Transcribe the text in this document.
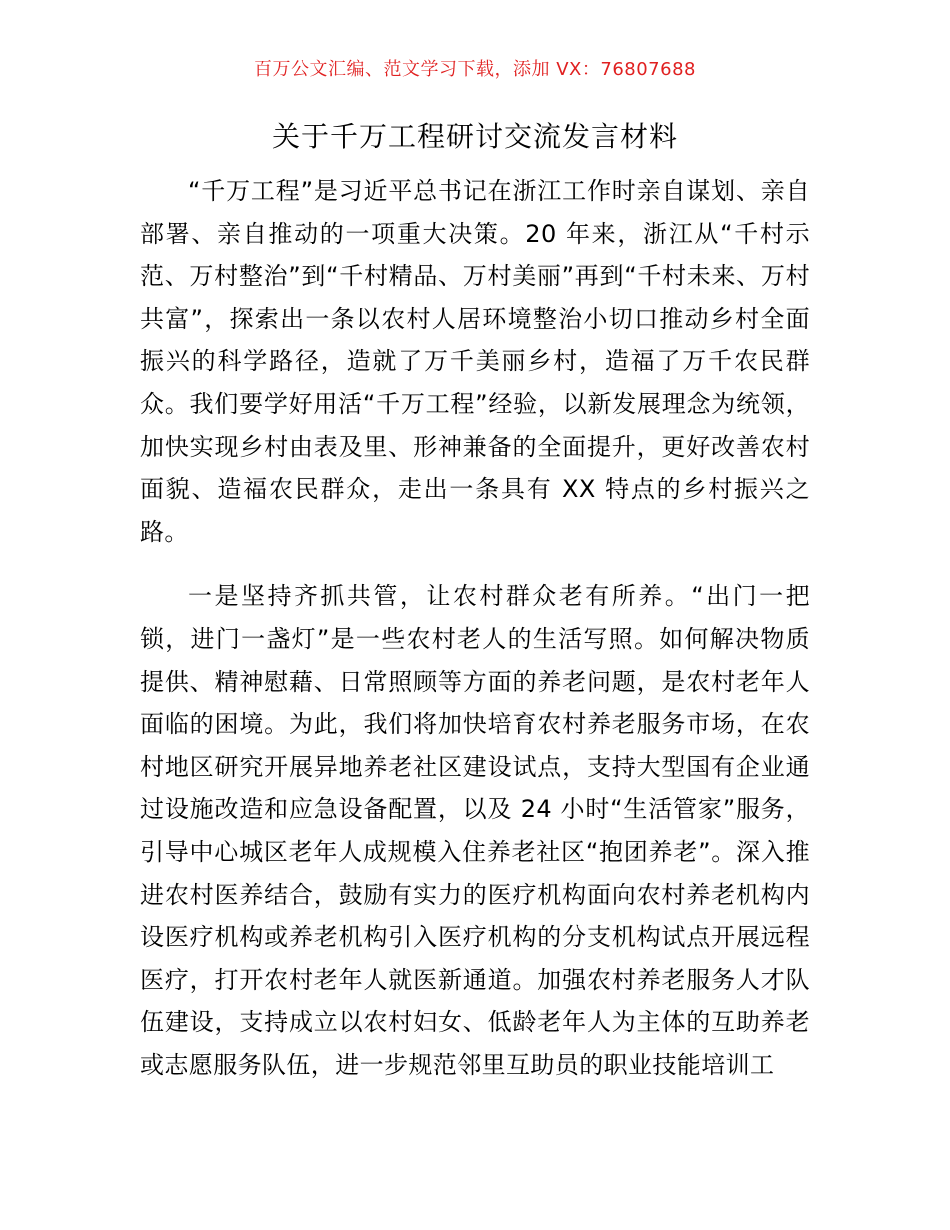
百万公文汇编、范文学习下载，添加 VX：76807688
关于千万工程研讨交流发言材料

“千万工程”是习近平总书记在浙江工作时亲自谋划、亲自部署、亲自推动的一项重大决策。20 年来，浙江从“千村示范、万村整治”到“千村精品、万村美丽”再到“千村未来、万村共富”，探索出一条以农村人居环境整治小切口推动乡村全面振兴的科学路径，造就了万千美丽乡村，造福了万千农民群众。我们要学好用活“千万工程”经验，以新发展理念为统领，加快实现乡村由表及里、形神兼备的全面提升，更好改善农村面貌、造福农民群众，走出一条具有 XX 特点的乡村振兴之路。

一是坚持齐抓共管，让农村群众老有所养。“出门一把锁，进门一盏灯”是一些农村老人的生活写照。如何解决物质提供、精神慰藉、日常照顾等方面的养老问题，是农村老年人面临的困境。为此，我们将加快培育农村养老服务市场，在农村地区研究开展异地养老社区建设试点，支持大型国有企业通过设施改造和应急设备配置，以及 24 小时“生活管家”服务，引导中心城区老年人成规模入住养老社区“抱团养老”。深入推进农村医养结合，鼓励有实力的医疗机构面向农村养老机构内设医疗机构或养老机构引入医疗机构的分支机构试点开展远程医疗，打开农村老年人就医新通道。加强农村养老服务人才队伍建设，支持成立以农村妇女、低龄老年人为主体的互助养老或志愿服务队伍，进一步规范邻里互助员的职业技能培训工
